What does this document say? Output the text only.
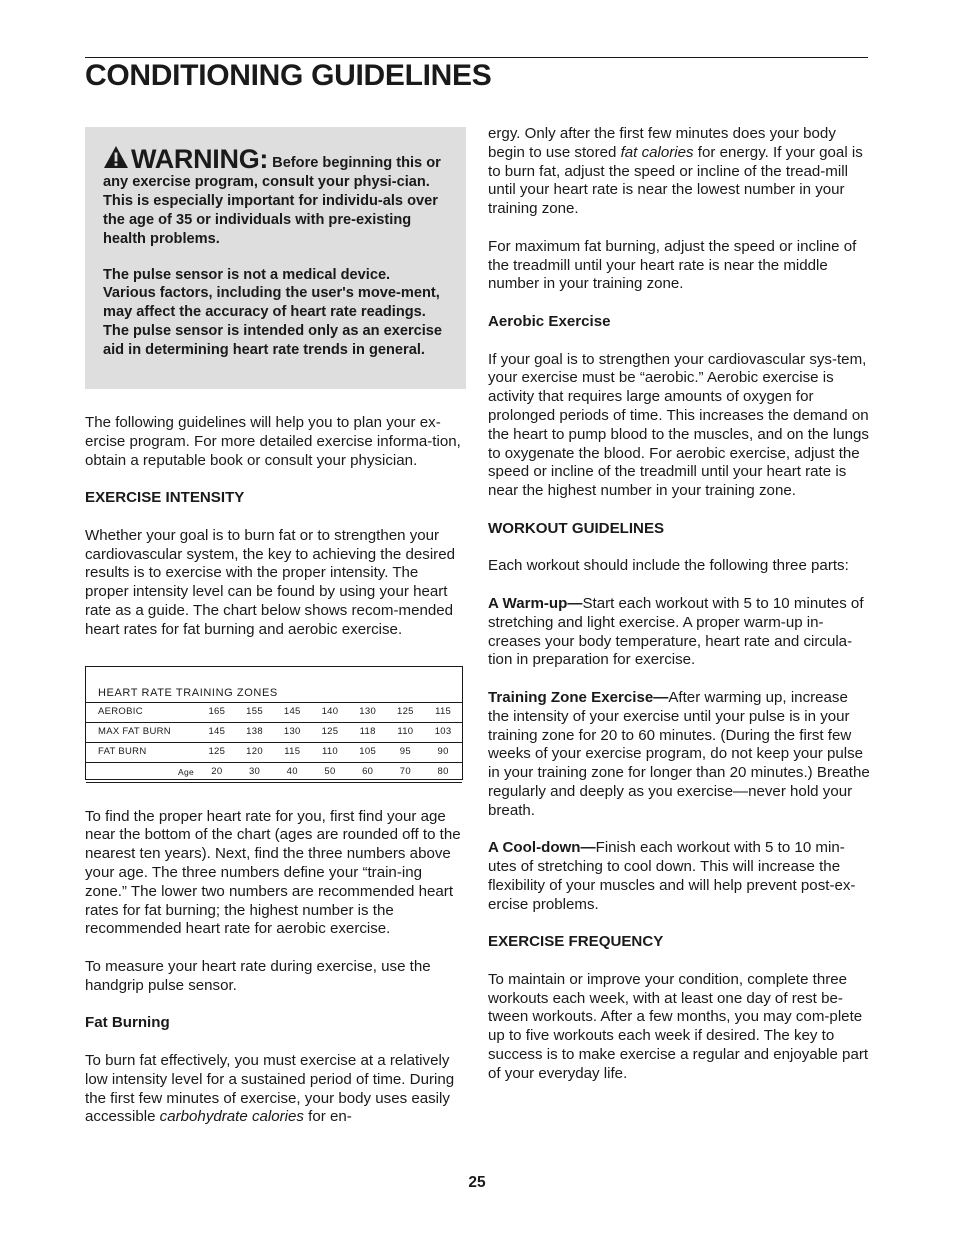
CONDITIONING GUIDELINES

WARNING: Before beginning this or any exercise program, consult your physi-cian. This is especially important for individu-als over the age of 35 or individuals with pre-existing health problems.

The pulse sensor is not a medical device. Various factors, including the user's move-ment, may affect the accuracy of heart rate readings. The pulse sensor is intended only as an exercise aid in determining heart rate trends in general.

The following guidelines will help you to plan your ex-ercise program. For more detailed exercise informa-tion, obtain a reputable book or consult your physician.

EXERCISE INTENSITY

Whether your goal is to burn fat or to strengthen your cardiovascular system, the key to achieving the desired results is to exercise with the proper intensity. The proper intensity level can be found by using your heart rate as a guide. The chart below shows recom-mended heart rates for fat burning and aerobic exercise.

HEART RATE TRAINING ZONES							
AEROBIC	165	155	145	140	130	125	115
MAX FAT BURN	145	138	130	125	118	110	103
FAT BURN	125	120	115	110	105	95	90
Age	20	30	40	50	60	70	80

To find the proper heart rate for you, first find your age near the bottom of the chart (ages are rounded off to the nearest ten years). Next, find the three numbers above your age. The three numbers define your “train-ing zone.” The lower two numbers are recommended heart rates for fat burning; the highest number is the recommended heart rate for aerobic exercise.

To measure your heart rate during exercise, use the handgrip pulse sensor.

Fat Burning

To burn fat effectively, you must exercise at a relatively low intensity level for a sustained period of time. During the first few minutes of exercise, your body uses easily accessible carbohydrate calories for en-

ergy. Only after the first few minutes does your body begin to use stored fat calories for energy. If your goal is to burn fat, adjust the speed or incline of the tread-mill until your heart rate is near the lowest number in your training zone.

For maximum fat burning, adjust the speed or incline of the treadmill until your heart rate is near the middle number in your training zone.

Aerobic Exercise

If your goal is to strengthen your cardiovascular sys-tem, your exercise must be “aerobic.” Aerobic exercise is activity that requires large amounts of oxygen for prolonged periods of time. This increases the demand on the heart to pump blood to the muscles, and on the lungs to oxygenate the blood. For aerobic exercise, adjust the speed or incline of the treadmill until your heart rate is near the highest number in your training zone.

WORKOUT GUIDELINES

Each workout should include the following three parts:

A Warm-up—Start each workout with 5 to 10 minutes of stretching and light exercise. A proper warm-up in-creases your body temperature, heart rate and circula-tion in preparation for exercise.

Training Zone Exercise—After warming up, increase the intensity of your exercise until your pulse is in your training zone for 20 to 60 minutes. (During the first few weeks of your exercise program, do not keep your pulse in your training zone for longer than 20 minutes.) Breathe regularly and deeply as you exercise—never hold your breath.

A Cool-down—Finish each workout with 5 to 10 min-utes of stretching to cool down. This will increase the flexibility of your muscles and will help prevent post-ex-ercise problems.

EXERCISE FREQUENCY

To maintain or improve your condition, complete three workouts each week, with at least one day of rest be-tween workouts. After a few months, you may com-plete up to five workouts each week if desired. The key to success is to make exercise a regular and enjoyable part of your everyday life.

25
